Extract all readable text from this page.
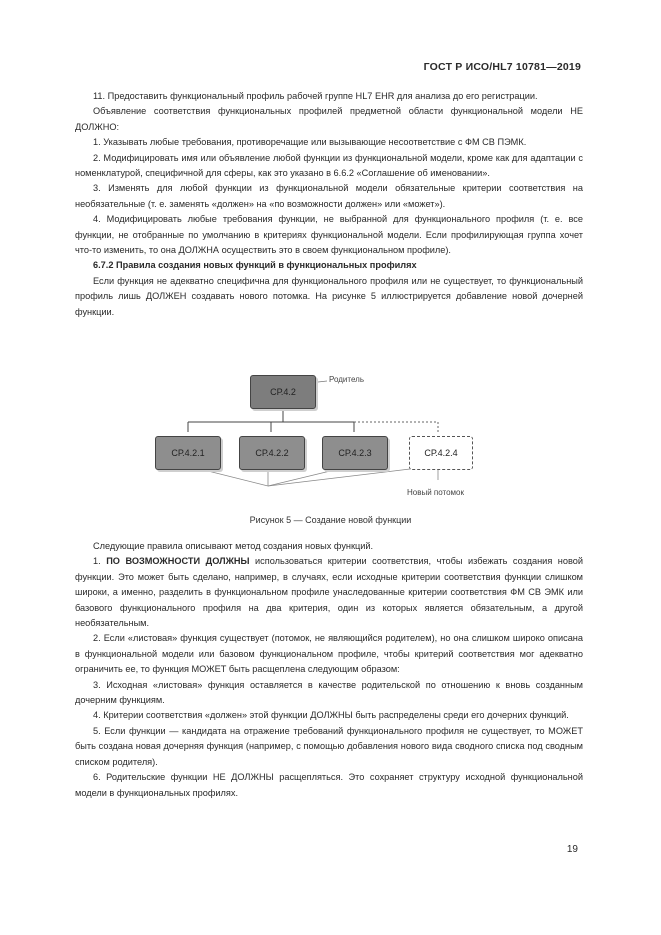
ГОСТ Р ИСО/HL7 10781—2019

11. Предоставить функциональный профиль рабочей группе HL7 EHR для анализа до его регистрации.

Объявление соответствия функциональных профилей предметной области функциональной модели НЕ ДОЛЖНО:

1. Указывать любые требования, противоречащие или вызывающие несоответствие с ФМ СВ ПЭМК.

2. Модифицировать имя или объявление любой функции из функциональной модели, кроме как для адаптации с номенклатурой, специфичной для сферы, как это указано в 6.6.2 «Соглашение об именовании».

3. Изменять для любой функции из функциональной модели обязательные критерии соответствия на необязательные (т. е. заменять «должен» на «по возможности должен» или «может»).

4. Модифицировать любые требования функции, не выбранной для функционального профиля (т. е. все функции, не отобранные по умолчанию в критериях функциональной модели. Если профилирующая группа хочет что-то изменить, то она ДОЛЖНА осуществить это в своем функциональном профиле).

6.7.2 Правила создания новых функций в функциональных профилях

Если функция не адекватно специфична для функционального профиля или не существует, то функциональный профиль лишь ДОЛЖЕН создавать нового потомка. На рисунке 5 иллюстрируется добавление новой дочерней функции.

СР.4.2
Родитель
СР.4.2.1	СР.4.2.2	СР.4.2.3	СР.4.2.4
Новый потомок
Рисунок 5 — Создание новой функции

Следующие правила описывают метод создания новых функций.

1. ПО ВОЗМОЖНОСТИ ДОЛЖНЫ использоваться критерии соответствия, чтобы избежать создания новой функции. Это может быть сделано, например, в случаях, если исходные критерии соответствия функции слишком широки, а именно, разделить в функциональном профиле унаследованные критерии соответствия ФМ СВ ЭМК или базового функционального профиля на два критерия, один из которых является обязательным, а другой необязательным.

2. Если «листовая» функция существует (потомок, не являющийся родителем), но она слишком широко описана в функциональной модели или базовом функциональном профиле, чтобы критерий соответствия мог адекватно ограничить ее, то функция МОЖЕТ быть расщеплена следующим образом:

3. Исходная «листовая» функция оставляется в качестве родительской по отношению к вновь созданным дочерним функциям.

4. Критерии соответствия «должен» этой функции ДОЛЖНЫ быть распределены среди его дочерних функций.

5. Если функции — кандидата на отражение требований функционального профиля не существует, то МОЖЕТ быть создана новая дочерняя функция (например, с помощью добавления нового вида сводного списка под сводным списком родителя).

6. Родительские функции НЕ ДОЛЖНЫ расщепляться. Это сохраняет структуру исходной функциональной модели в функциональных профилях.

19
